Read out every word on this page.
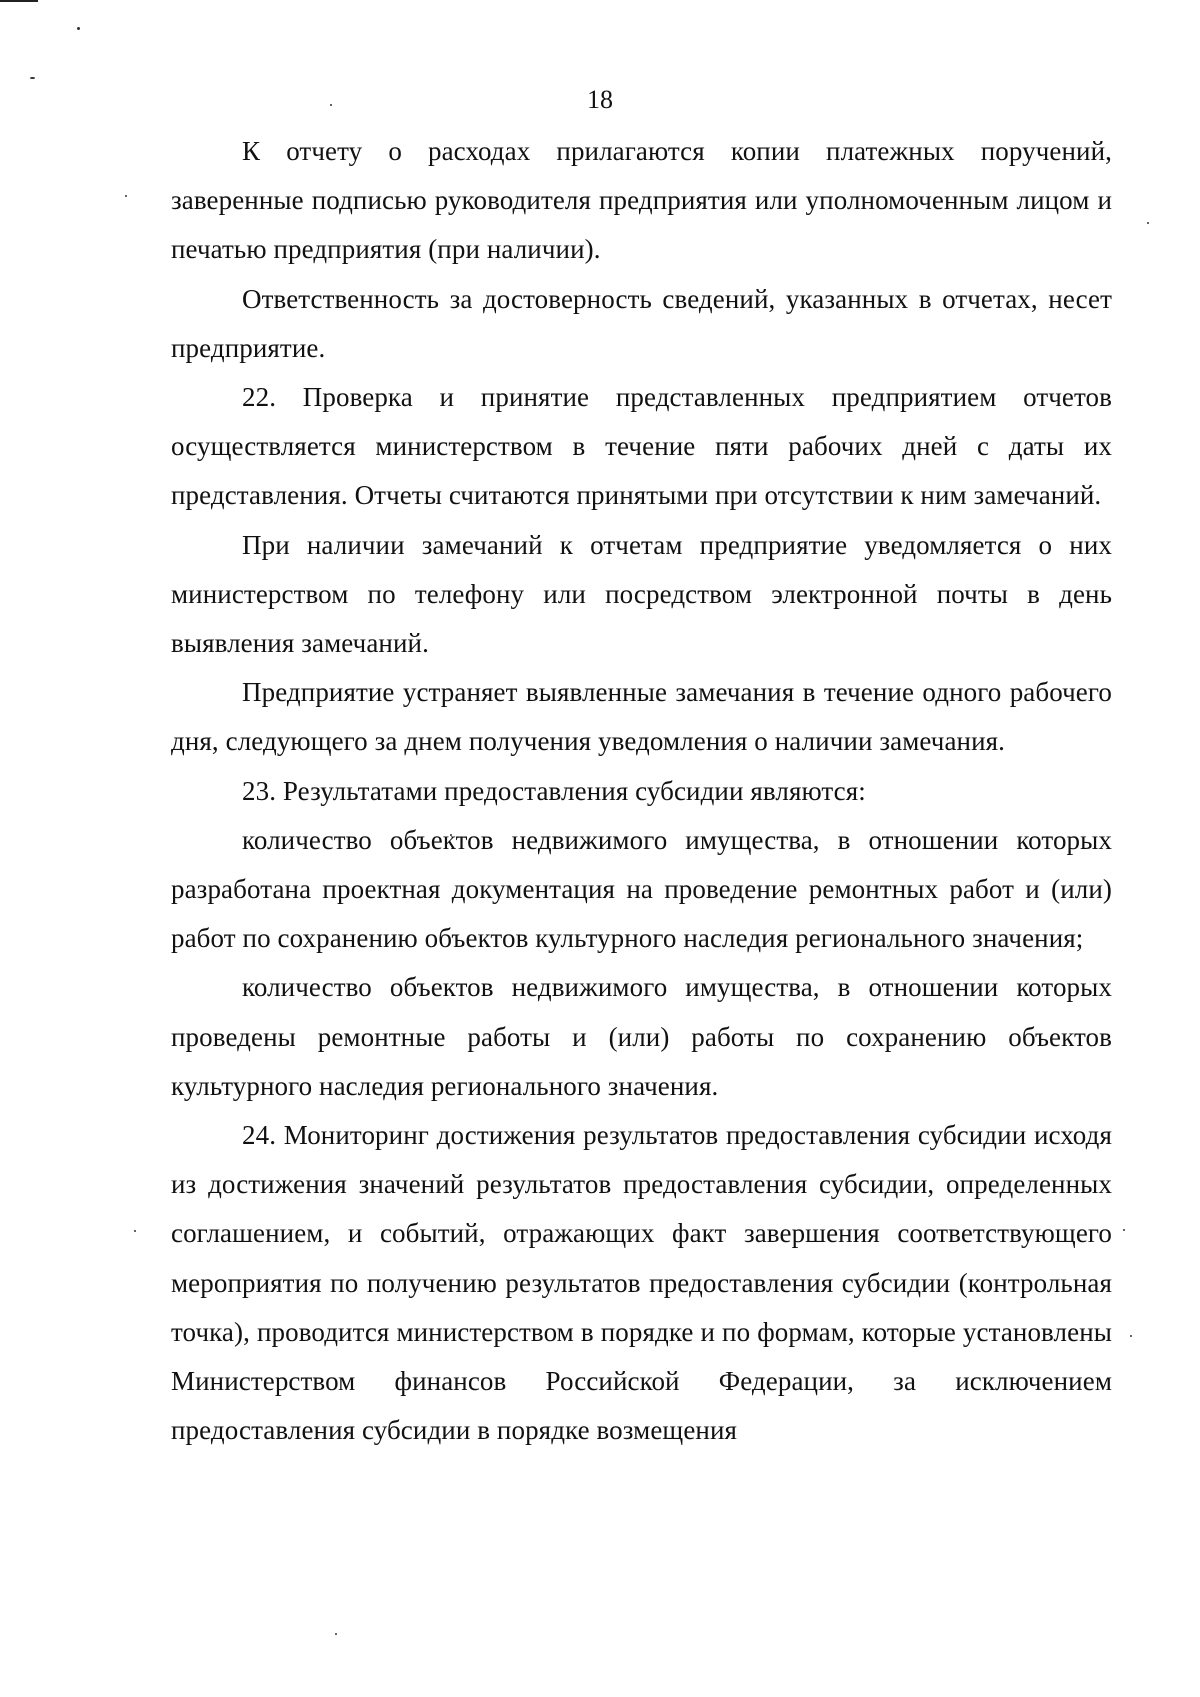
18

К отчету о расходах прилагаются копии платежных поручений, заверенные подписью руководителя предприятия или уполномоченным лицом и печатью предприятия (при наличии).

Ответственность за достоверность сведений, указанных в отчетах, несет предприятие.

22. Проверка и принятие представленных предприятием отчетов осуществляется министерством в течение пяти рабочих дней с даты их представления. Отчеты считаются принятыми при отсутствии к ним замечаний.

При наличии замечаний к отчетам предприятие уведомляется о них министерством по телефону или посредством электронной почты в день выявления замечаний.

Предприятие устраняет выявленные замечания в течение одного рабочего дня, следующего за днем получения уведомления о наличии замечания.

23. Результатами предоставления субсидии являются:

количество объектов недвижимого имущества, в отношении которых разработана проектная документация на проведение ремонтных работ и (или) работ по сохранению объектов культурного наследия регионального значения;

количество объектов недвижимого имущества, в отношении которых проведены ремонтные работы и (или) работы по сохранению объектов культурного наследия регионального значения.

24. Мониторинг достижения результатов предоставления субсидии исходя из достижения значений результатов предоставления субсидии, определенных соглашением, и событий, отражающих факт завершения соответствующего мероприятия по получению результатов предоставления субсидии (контрольная точка), проводится министерством в порядке и по формам, которые установлены Министерством финансов Российской Федерации, за исключением предоставления субсидии в порядке возмещения
